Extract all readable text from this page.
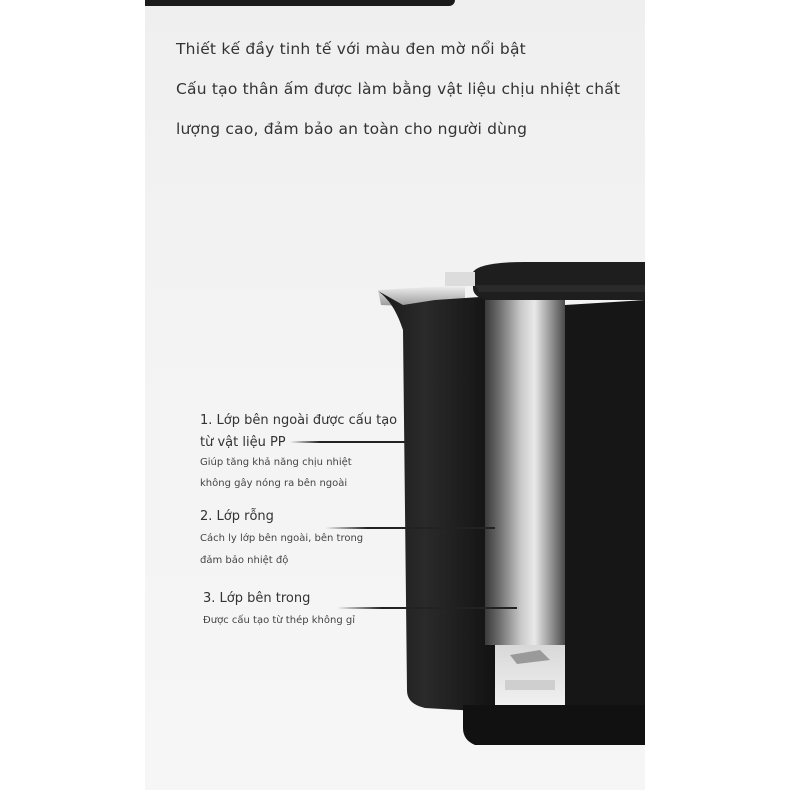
Thiết kế đầy tinh tế với màu đen mờ nổi bật
Cấu tạo thân ấm được làm bằng vật liệu chịu nhiệt chất
lượng cao, đảm bảo an toàn cho người dùng
1. Lớp bên ngoài được cấu tạo
từ vật liệu PP
Giúp tăng khả năng chịu nhiệt
không gây nóng ra bên ngoài
2. Lớp rỗng
Cách ly lớp bên ngoài, bên trong
đảm bảo nhiệt độ
3. Lớp bên trong
Được cấu tạo từ thép không gỉ
